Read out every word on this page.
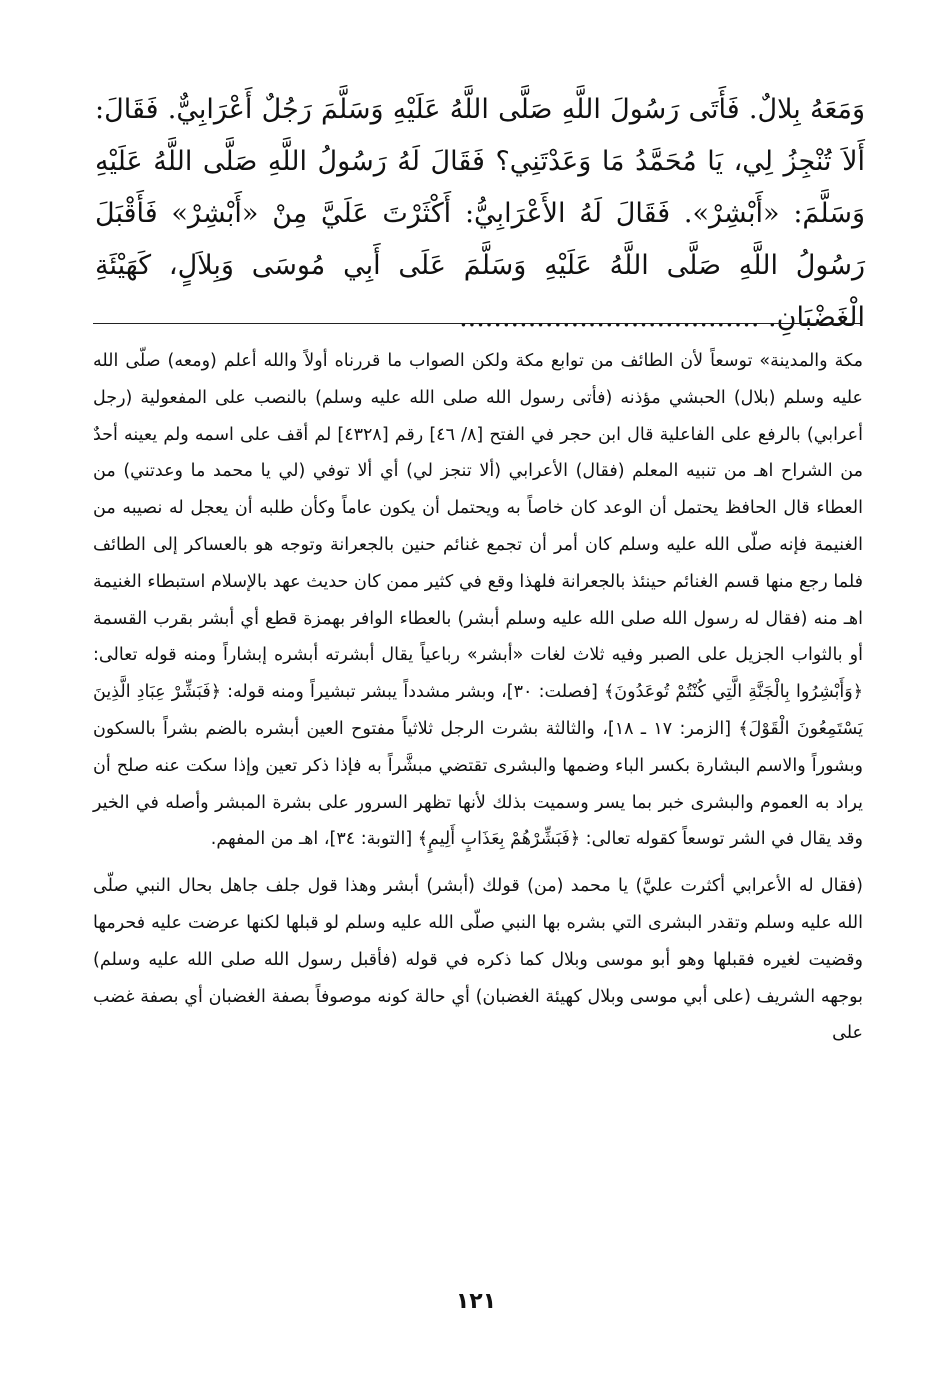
وَمَعَهُ بِلالٌ. فَأَتَى رَسُولَ اللَّهِ صَلَّى اللَّهُ عَلَيْهِ وَسَلَّمَ رَجُلٌ أَعْرَابِيٌّ. فَقَالَ: أَلاَ تُنْجِزُ لِي، يَا مُحَمَّدُ مَا وَعَدْتَنِي؟ فَقَالَ لَهُ رَسُولُ اللَّهِ صَلَّى اللَّهُ عَلَيْهِ وَسَلَّمَ: «أَبْشِرْ». فَقَالَ لَهُ الأَعْرَابِيُّ: أَكْثَرْتَ عَلَيَّ مِنْ «أَبْشِرْ» فَأَقْبَلَ رَسُولُ اللَّهِ صَلَّى اللَّهُ عَلَيْهِ وَسَلَّمَ عَلَى أَبِي مُوسَى وَبِلاَلٍ، كَهَيْئَةِ الْغَضْبَانِ. ...................................

مكة والمدينة» توسعاً لأن الطائف من توابع مكة ولكن الصواب ما قررناه أولاً والله أعلم (ومعه) صلّى الله عليه وسلم (بلال) الحبشي مؤذنه (فأتى رسول الله صلى الله عليه وسلم) بالنصب على المفعولية (رجل أعرابي) بالرفع على الفاعلية قال ابن حجر في الفتح [٨/ ٤٦] رقم [٤٣٢٨] لم أقف على اسمه ولم يعينه أحدٌ من الشراح اهـ من تنبيه المعلم (فقال) الأعرابي (ألا تنجز لي) أي ألا توفي (لي يا محمد ما وعدتني) من العطاء قال الحافظ يحتمل أن الوعد كان خاصاً به ويحتمل أن يكون عاماً وكأن طلبه أن يعجل له نصيبه من الغنيمة فإنه صلّى الله عليه وسلم كان أمر أن تجمع غنائم حنين بالجعرانة وتوجه هو بالعساكر إلى الطائف فلما رجع منها قسم الغنائم حينئذ بالجعرانة فلهذا وقع في كثير ممن كان حديث عهد بالإسلام استبطاء الغنيمة اهـ منه (فقال له رسول الله صلى الله عليه وسلم أبشر) بالعطاء الوافر بهمزة قطع أي أبشر بقرب القسمة أو بالثواب الجزيل على الصبر وفيه ثلاث لغات «أبشر» رباعياً يقال أبشرته أبشره إبشاراً ومنه قوله تعالى: ﴿وَأَبْشِرُوا بِالْجَنَّةِ الَّتِي كُنْتُمْ تُوعَدُونَ﴾ [فصلت: ٣٠]، وبشر مشدداً يبشر تبشيراً ومنه قوله: ﴿فَبَشِّرْ عِبَادِ الَّذِينَ يَسْتَمِعُونَ الْقَوْلَ﴾ [الزمر: ١٧ ـ ١٨]، والثالثة بشرت الرجل ثلاثياً مفتوح العين أبشره بالضم بشراً بالسكون وبشوراً والاسم البشارة بكسر الباء وضمها والبشرى تقتضي مبشَّراً به فإذا ذكر تعين وإذا سكت عنه صلح أن يراد به العموم والبشرى خبر بما يسر وسميت بذلك لأنها تظهر السرور على بشرة المبشر وأصله في الخير وقد يقال في الشر توسعاً كقوله تعالى: ﴿فَبَشِّرْهُمْ بِعَذَابٍ أَلِيمٍ﴾ [التوبة: ٣٤]، اهـ من المفهم.

(فقال له الأعرابي أكثرت عليَّ) يا محمد (من) قولك (أبشر) أبشر وهذا قول جلف جاهل بحال النبي صلّى الله عليه وسلم وتقدر البشرى التي بشره بها النبي صلّى الله عليه وسلم لو قبلها لكنها عرضت عليه فحرمها وقضيت لغيره فقبلها وهو أبو موسى وبلال كما ذكره في قوله (فأقبل رسول الله صلى الله عليه وسلم) بوجهه الشريف (على أبي موسى وبلال كهيئة الغضبان) أي حالة كونه موصوفاً بصفة الغضبان أي بصفة غضب على

١٢١
